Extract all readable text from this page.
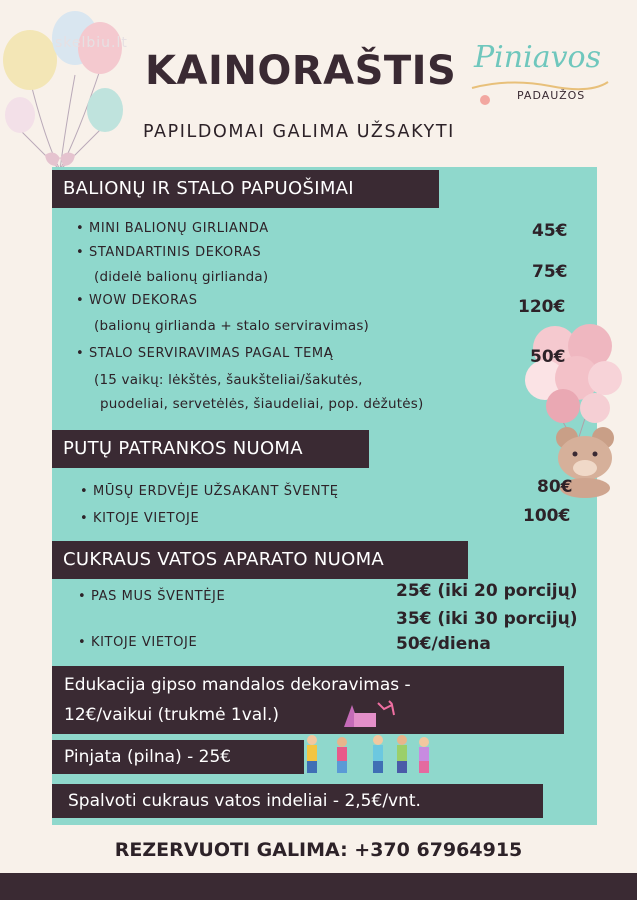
skelbiu.lt
KAINORAŠTIS Piniavos
PADAUŽOS
PAPILDOMAI GALIMA UŽSAKYTI
BALIONŲ IR STALO PAPUOŠIMAI
• MINI BALIONŲ GIRLIANDA
• STANDARTINIS DEKORAS
(didelė balionų girlianda)
• WOW DEKORAS
(balionų girlianda + stalo serviravimas)
• STALO SERVIRAVIMAS PAGAL TEMĄ
(15 vaikų: lėkštės, šaukšteliai/šakutės,
puodeliai, servetėlės, šiaudeliai, pop. dėžutės)
45€
75€
120€
50€
PUTŲ PATRANKOS NUOMA
• MŪSŲ ERDVĖJE UŽSAKANT ŠVENTĘ
• KITOJE VIETOJE
80€
100€
CUKRAUS VATOS APARATO NUOMA
• PAS MUS ŠVENTĖJE
• KITOJE VIETOJE
25€ (iki 20 porcijų)
35€ (iki 30 porcijų)
50€/diena
Edukacija gipso mandalos dekoravimas -
12€/vaikui (trukmė 1val.)
Pinjata (pilna) - 25€
Spalvoti cukraus vatos indeliai - 2,5€/vnt.
REZERVUOTI GALIMA: +370 67964915
